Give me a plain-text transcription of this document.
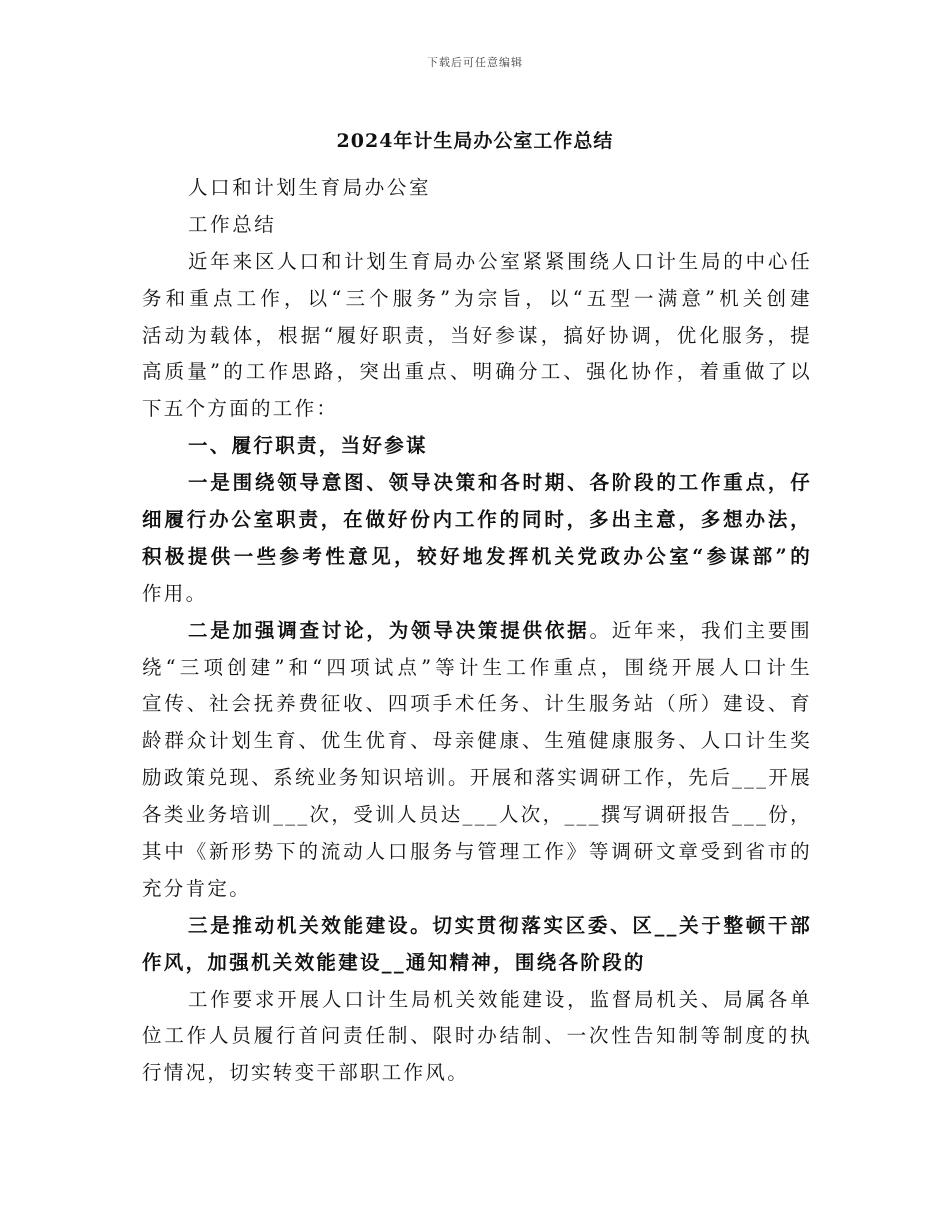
下载后可任意编辑
2024年计生局办公室工作总结
人口和计划生育局办公室
工作总结
近年来区人口和计划生育局办公室紧紧围绕人口计生局的中心任
务和重点工作，以“三个服务”为宗旨，以“五型一满意”机关创建
活动为载体，根据“履好职责，当好参谋，搞好协调，优化服务，提
高质量”的工作思路，突出重点、明确分工、强化协作，着重做了以
下五个方面的工作：
一、履行职责，当好参谋
一是围绕领导意图、领导决策和各时期、各阶段的工作重点，仔
细履行办公室职责，在做好份内工作的同时，多出主意，多想办法，
积极提供一些参考性意见，较好地发挥机关党政办公室“参谋部”的
作用。
二是加强调查讨论，为领导决策提供依据。近年来，我们主要围
绕“三项创建”和“四项试点”等计生工作重点，围绕开展人口计生
宣传、社会抚养费征收、四项手术任务、计生服务站（所）建设、育
龄群众计划生育、优生优育、母亲健康、生殖健康服务、人口计生奖
励政策兑现、系统业务知识培训。开展和落实调研工作，先后___开展
各类业务培训___次，受训人员达___人次，___撰写调研报告___份，
其中《新形势下的流动人口服务与管理工作》等调研文章受到省市的
充分肯定。
三是推动机关效能建设。切实贯彻落实区委、区__关于整顿干部
作风，加强机关效能建设__通知精神，围绕各阶段的
工作要求开展人口计生局机关效能建设，监督局机关、局属各单
位工作人员履行首问责任制、限时办结制、一次性告知制等制度的执
行情况，切实转变干部职工作风。
